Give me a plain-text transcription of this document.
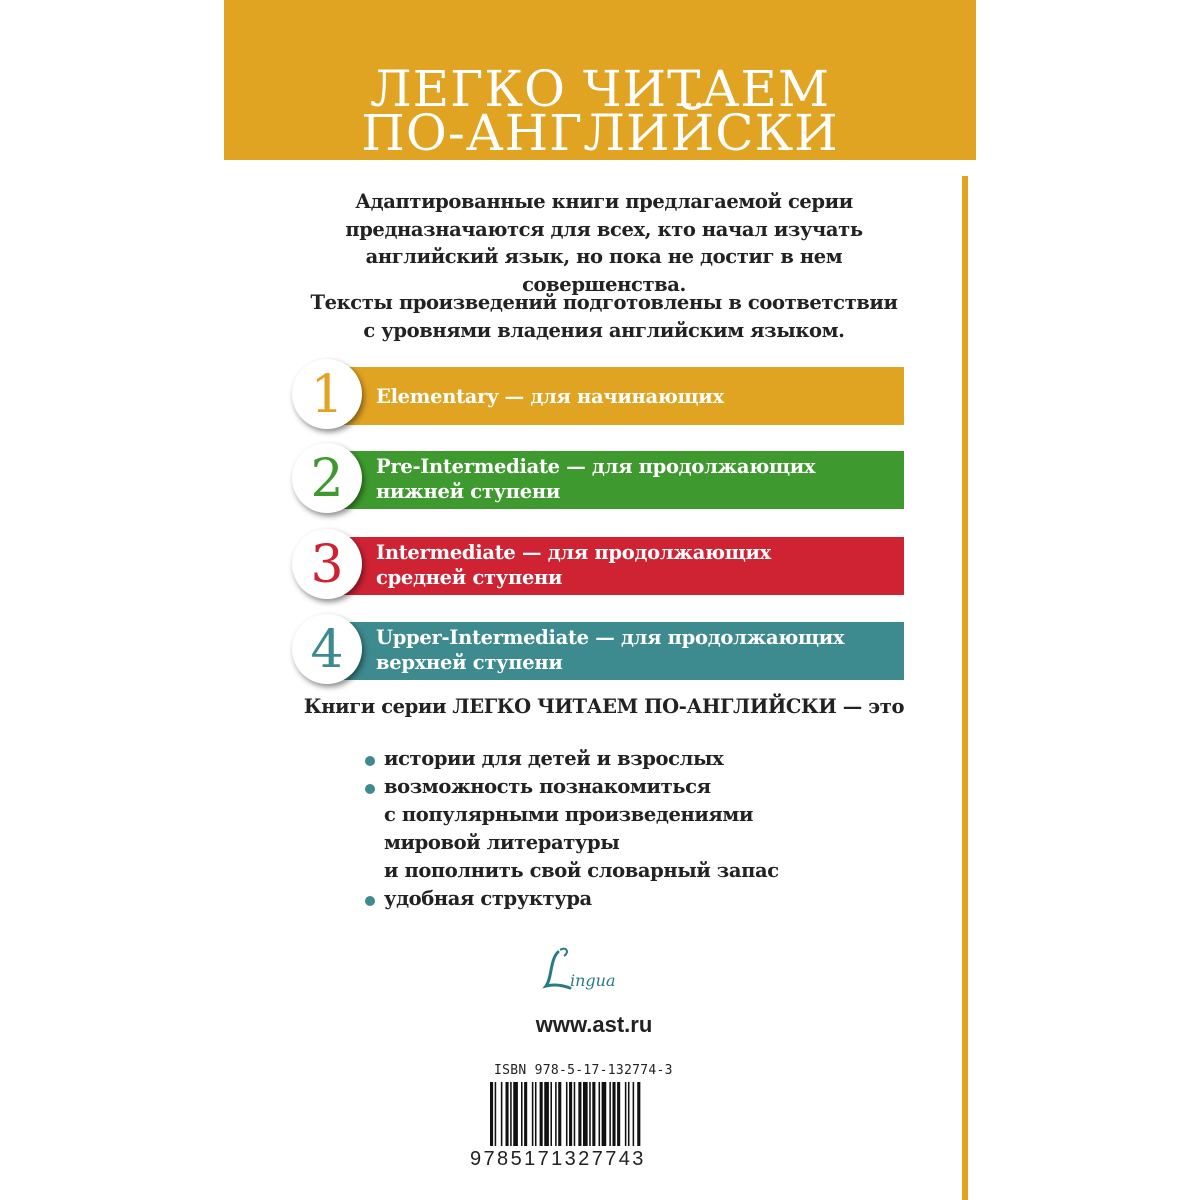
ЛЕГКО ЧИТАЕМ
ПО-АНГЛИЙСКИ
Адаптированные книги предлагаемой серии
предназначаются для всех, кто начал изучать
английский язык, но пока не достиг в нем
совершенства.
Тексты произведений подготовлены в соответствии
с уровнями владения английским языком.
Elementary — для начинающих
1
Pre-Intermediate — для продолжающих
нижней ступени
2
Intermediate — для продолжающих
средней ступени
3
Upper-Intermediate — для продолжающих
верхней ступени
4
Книги серии ЛЕГКО ЧИТАЕМ ПО-АНГЛИЙСКИ — это
истории для детей и взрослых
возможность познакомиться
с популярными произведениями
мировой литературы
и пополнить свой словарный запас
удобная структура
ingua
www.ast.ru
ISBN 978-5-17-132774-3
9785171327743
